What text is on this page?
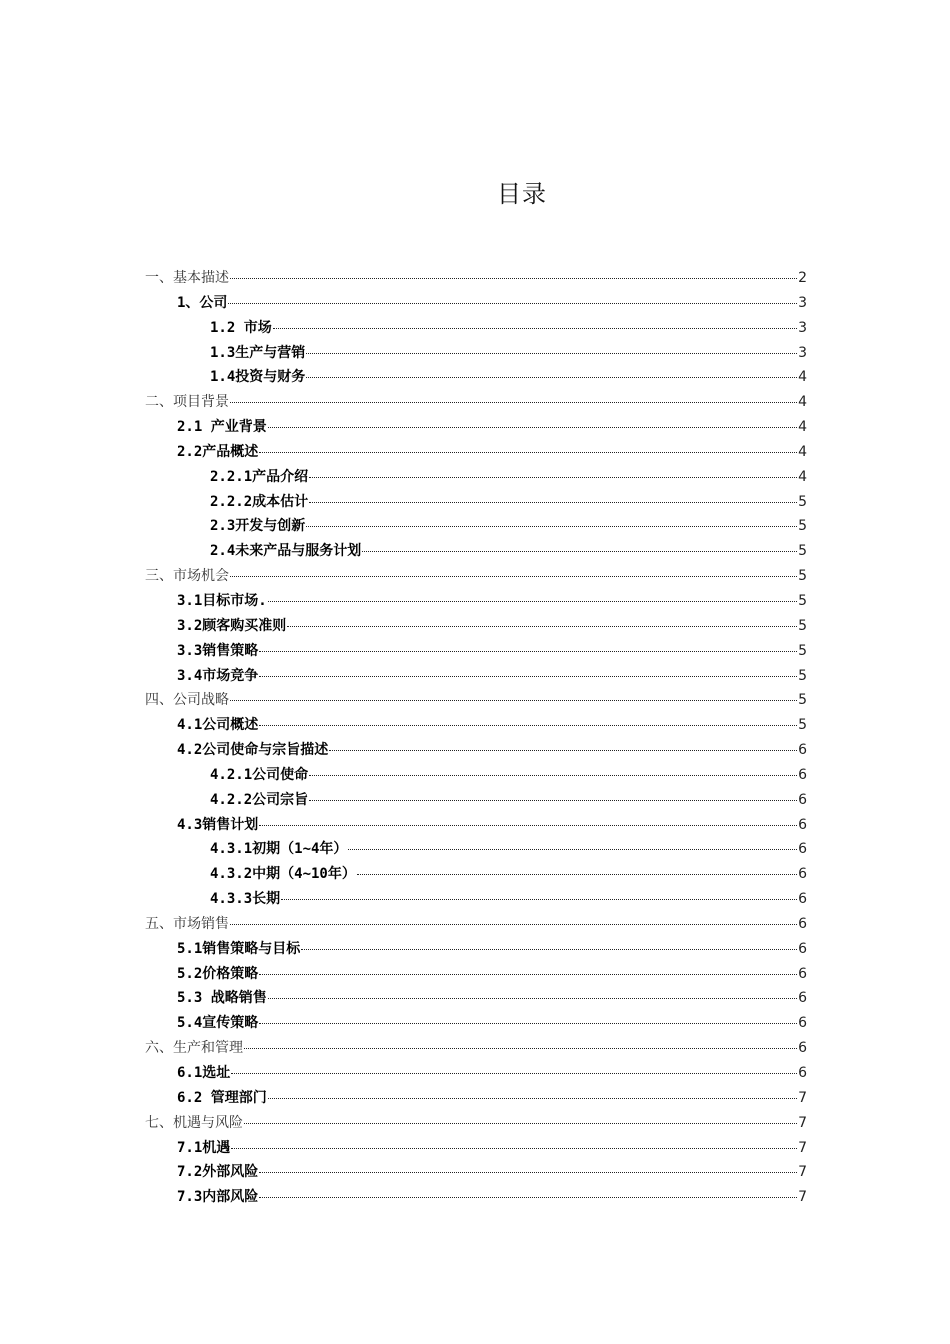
目录
一、基本描述	2
1、公司	3
1.2 市场	3
1.3生产与营销	3
1.4投资与财务	4
二、项目背景	4
2.1 产业背景	4
2.2产品概述	4
2.2.1产品介绍	4
2.2.2成本估计	5
2.3开发与创新	5
2.4未来产品与服务计划	5
三、市场机会	5
3.1目标市场.	5
3.2顾客购买准则	5
3.3销售策略	5
3.4市场竞争	5
四、公司战略	5
4.1公司概述	5
4.2公司使命与宗旨描述	6
4.2.1公司使命	6
4.2.2公司宗旨	6
4.3销售计划	6
4.3.1初期（1~4年）	6
4.3.2中期（4~10年）	6
4.3.3长期	6
五、市场销售	6
5.1销售策略与目标	6
5.2价格策略	6
5.3 战略销售	6
5.4宣传策略	6
六、生产和管理	6
6.1选址	6
6.2 管理部门	7
七、机遇与风险	7
7.1机遇	7
7.2外部风险	7
7.3内部风险	7
